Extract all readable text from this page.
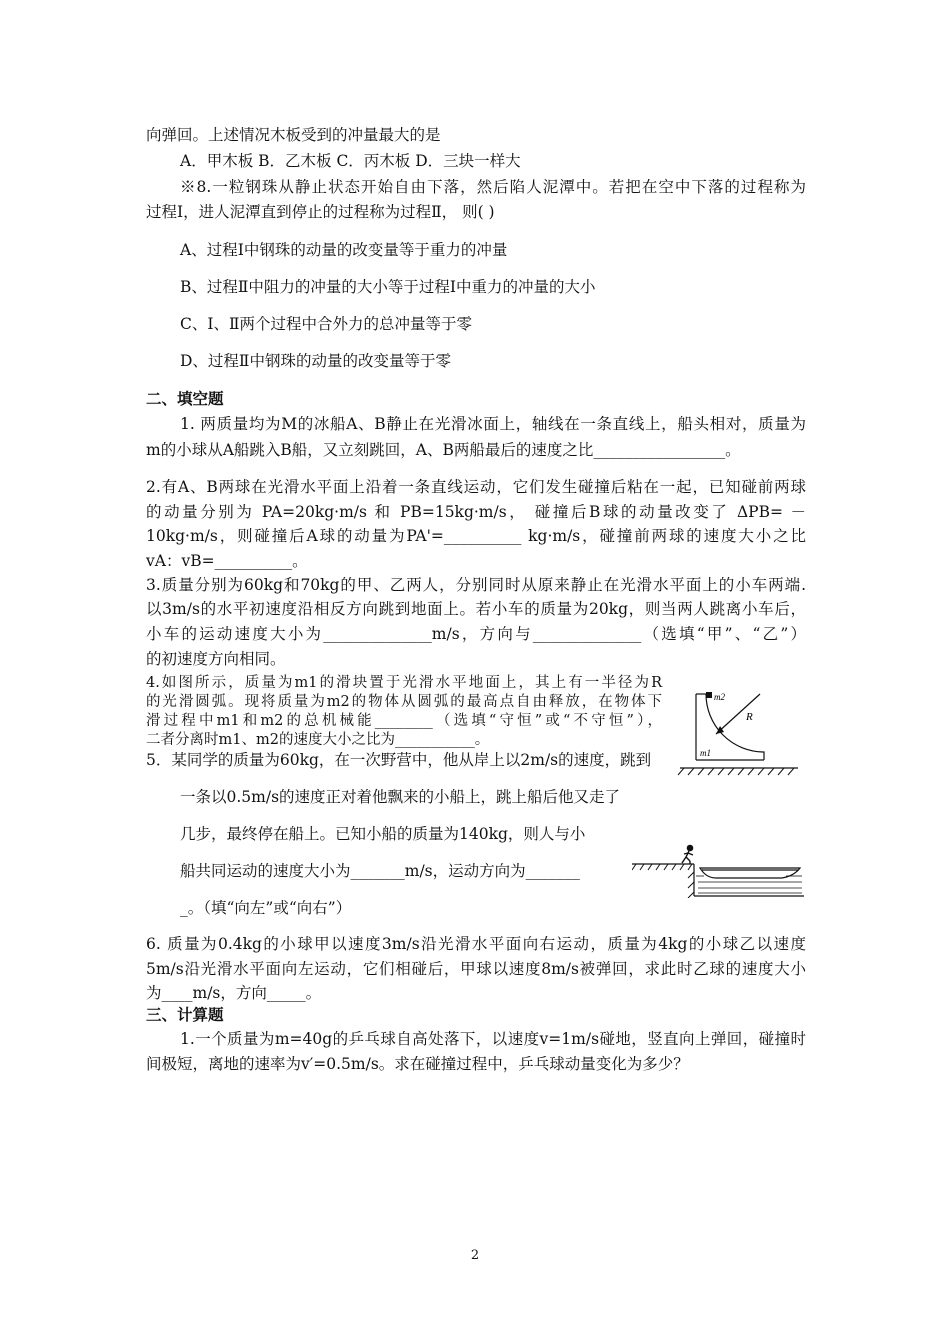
向弹回。上述情况木板受到的冲量最大的是
A．甲木板 B．乙木板 C．丙木板 D．三块一样大
※8.一粒钢珠从静止状态开始自由下落，然后陷人泥潭中。若把在空中下落的过程称为
过程Ⅰ，进人泥潭直到停止的过程称为过程Ⅱ， 则( )
A、过程Ⅰ中钢珠的动量的改变量等于重力的冲量
B、过程Ⅱ中阻力的冲量的大小等于过程Ⅰ中重力的冲量的大小
C、Ⅰ、Ⅱ两个过程中合外力的总冲量等于零
D、过程Ⅱ中钢珠的动量的改变量等于零
二、填空题
1. 两质量均为M的冰船A、B静止在光滑冰面上，轴线在一条直线上，船头相对，质量为
m的小球从A船跳入B船，又立刻跳回，A、B两船最后的速度之比_________________。
2.有A、B两球在光滑水平面上沿着一条直线运动，它们发生碰撞后粘在一起，已知碰前两球
的动量分别为 PA=20kg·m/s 和 PB=15kg·m/s， 碰撞后B球的动量改变了 ΔPB= －
10kg·m/s，则碰撞后A球的动量为PA'=__________ kg·m/s，碰撞前两球的速度大小之比
vA：vB=__________。
3.质量分别为60kg和70kg的甲、乙两人，分别同时从原来静止在光滑水平面上的小车两端.
以3m/s的水平初速度沿相反方向跳到地面上。若小车的质量为20kg，则当两人跳离小车后，
小车的运动速度大小为______________m/s，方向与______________（选填“甲”、“乙”）
的初速度方向相同。
4.如图所示，质量为m1的滑块置于光滑水平地面上，其上有一半径为R
的光滑圆弧。现将质量为m2的物体从圆弧的最高点自由释放，在物体下
滑过程中m1和m2的总机械能________（选填“守恒”或“不守恒”），
二者分离时m1、m2的速度大小之比为___________。
m2
R
m1
5．某同学的质量为60kg，在一次野营中，他从岸上以2m/s的速度，跳到
一条以0.5m/s的速度正对着他飘来的小船上，跳上船后他又走了
几步，最终停在船上。已知小船的质量为140kg，则人与小
船共同运动的速度大小为_______m/s，运动方向为_______
_。（填“向左”或“向右”）
6. 质量为0.4kg的小球甲以速度3m/s沿光滑水平面向右运动，质量为4kg的小球乙以速度
5m/s沿光滑水平面向左运动，它们相碰后，甲球以速度8m/s被弹回，求此时乙球的速度大小
为____m/s，方向_____。
三、计算题
1.一个质量为m=40g的乒乓球自高处落下，以速度v=1m/s碰地，竖直向上弹回，碰撞时
间极短，离地的速率为v′=0.5m/s。求在碰撞过程中，乒乓球动量变化为多少？
2
